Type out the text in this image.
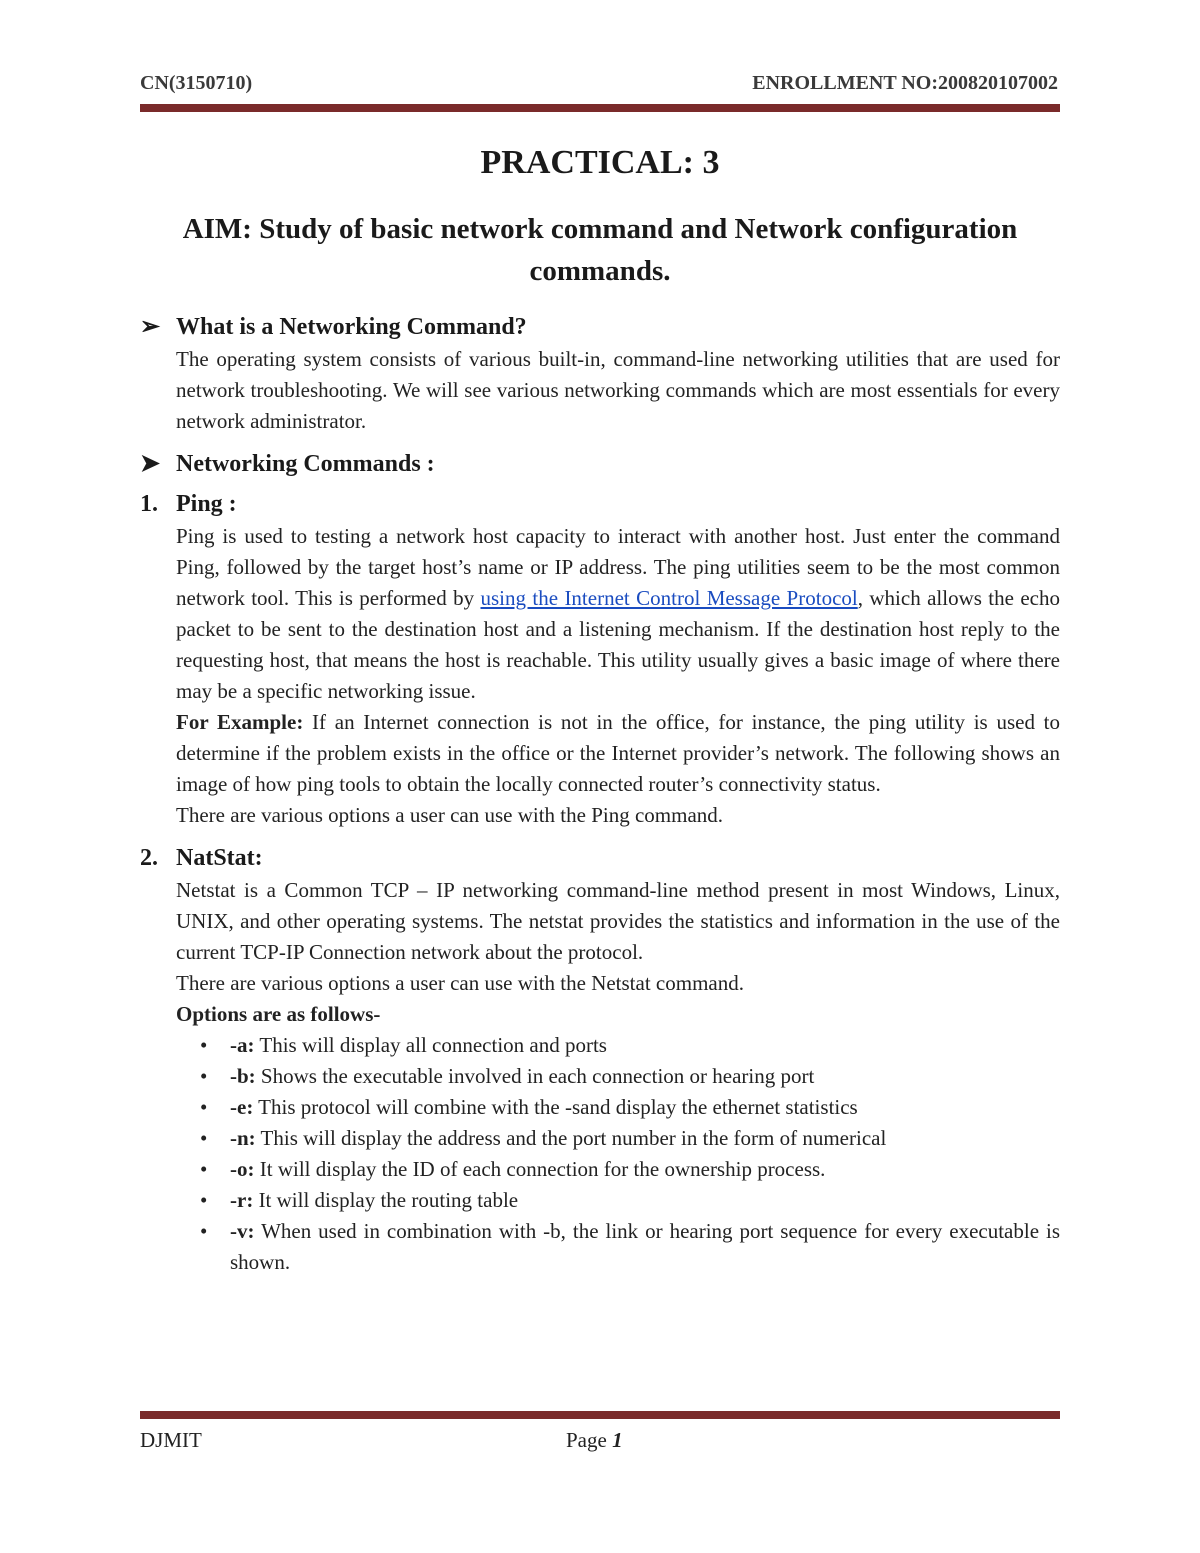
CN(3150710)	ENROLLMENT NO:200820107002
PRACTICAL: 3
AIM: Study of basic network command and Network configuration commands.
➢ What is a Networking Command?

The operating system consists of various built-in, command-line networking utilities that are used for network troubleshooting. We will see various networking commands which are most essentials for every network administrator.

➤ Networking Commands :
1. Ping :

Ping is used to testing a network host capacity to interact with another host. Just enter the command Ping, followed by the target host’s name or IP address. The ping utilities seem to be the most common network tool. This is performed by using the Internet Control Message Protocol, which allows the echo packet to be sent to the destination host and a listening mechanism. If the destination host reply to the requesting host, that means the host is reachable. This utility usually gives a basic image of where there may be a specific networking issue.

For Example: If an Internet connection is not in the office, for instance, the ping utility is used to determine if the problem exists in the office or the Internet provider’s network. The following shows an image of how ping tools to obtain the locally connected router’s connectivity status.

There are various options a user can use with the Ping command.

2. NatStat:

Netstat is a Common TCP – IP networking command-line method present in most Windows, Linux, UNIX, and other operating systems. The netstat provides the statistics and information in the use of the current TCP-IP Connection network about the protocol.

There are various options a user can use with the Netstat command.

Options are as follows-

• -a: This will display all connection and ports
• -b: Shows the executable involved in each connection or hearing port
• -e: This protocol will combine with the -sand display the ethernet statistics
• -n: This will display the address and the port number in the form of numerical
• -o: It will display the ID of each connection for the ownership process.
• -r: It will display the routing table
• -v: When used in combination with -b, the link or hearing port sequence for every executable is shown.
DJMIT	Page 1
